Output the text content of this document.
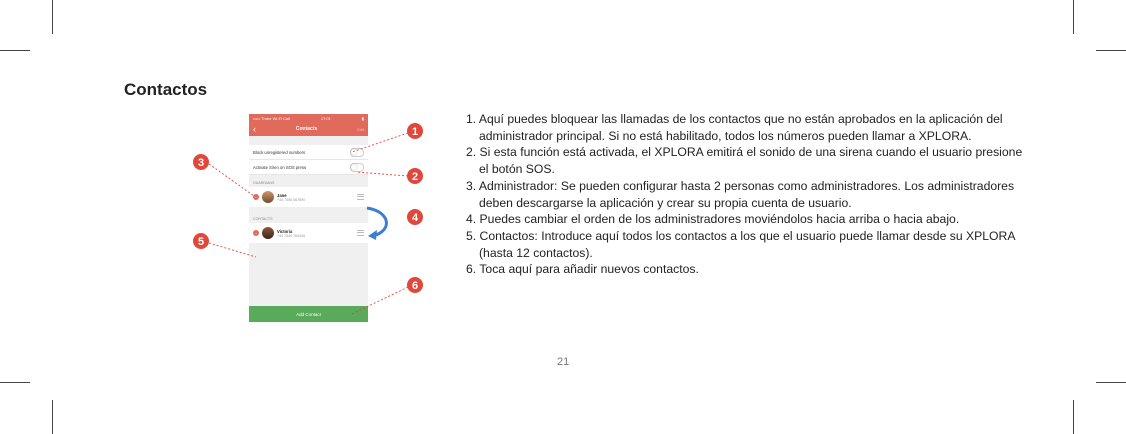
Contactos
••••• Three Wi-Fi Call	17:01	▮
‹	Contacts	Edit
Block unregistered numbers
Activate Siren on SOS press
GUARDIANS
−	Jane
+44 7456 567890
CONTACTS
−	Victoria
+44 7540 764345
Add Contact
1
2
3
4
5
6
1. Aquí puedes bloquear las llamadas de los contactos que no están aprobados en la aplicación del administrador principal. Si no está habilitado, todos los números pueden llamar a XPLORA.
2. Si esta función está activada, el XPLORA emitirá el sonido de una sirena cuando el usuario presione el botón SOS.
3. Administrador: Se pueden configurar hasta 2 personas como administradores. Los administradores deben descargarse la aplicación y crear su propia cuenta de usuario.
4. Puedes cambiar el orden de los administradores moviéndolos hacia arriba o hacia abajo.
5. Contactos: Introduce aquí todos los contactos a los que el usuario puede llamar desde su XPLORA (hasta 12 contactos).
6. Toca aquí para añadir nuevos contactos.
21
